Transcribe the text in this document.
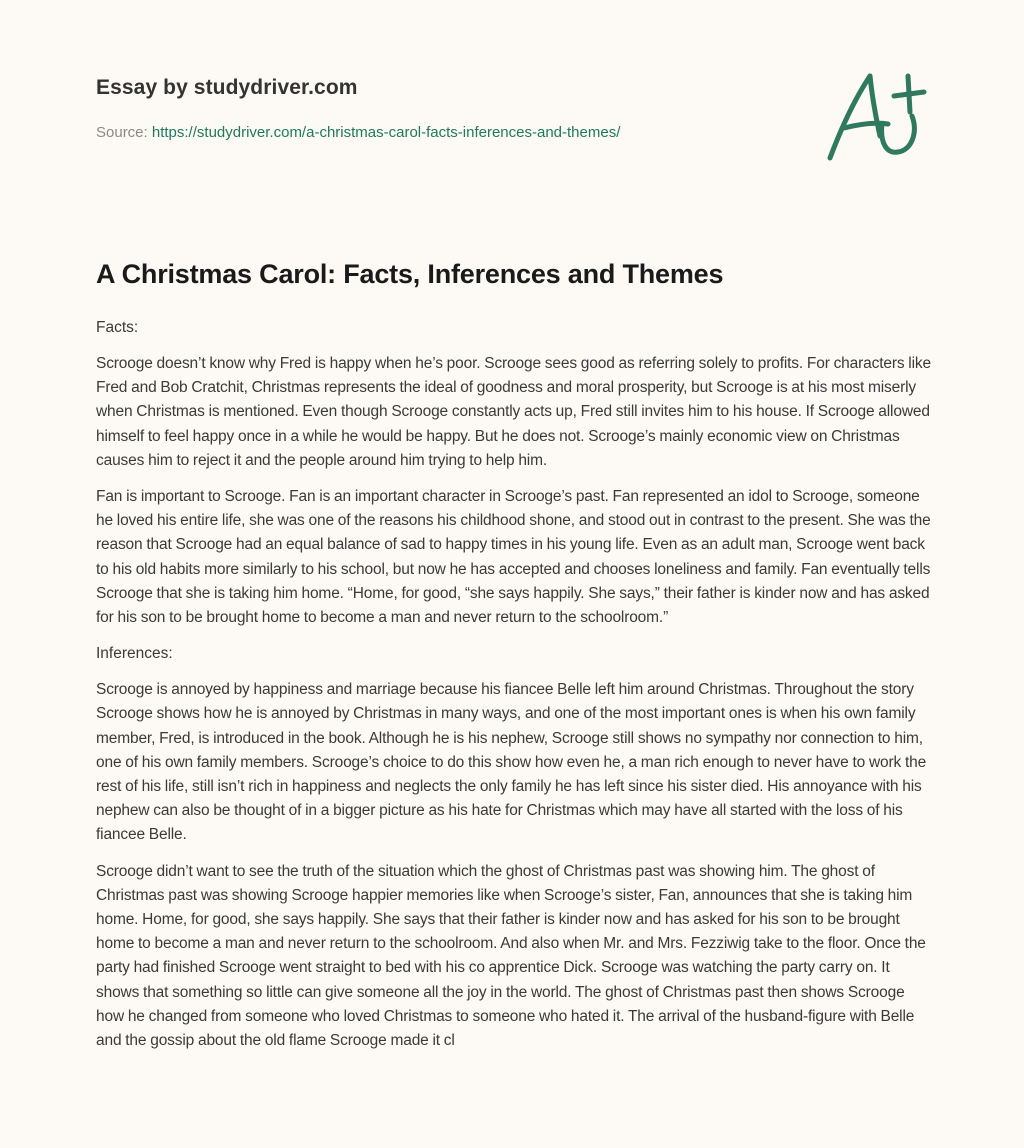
Essay by studydriver.com
Source: https://studydriver.com/a-christmas-carol-facts-inferences-and-themes/
A Christmas Carol: Facts, Inferences and Themes

Facts:

Scrooge doesn’t know why Fred is happy when he’s poor. Scrooge sees good as referring solely to profits. For characters like Fred and Bob Cratchit, Christmas represents the ideal of goodness and moral prosperity, but Scrooge is at his most miserly when Christmas is mentioned. Even though Scrooge constantly acts up, Fred still invites him to his house. If Scrooge allowed himself to feel happy once in a while he would be happy. But he does not. Scrooge’s mainly economic view on Christmas causes him to reject it and the people around him trying to help him.

Fan is important to Scrooge. Fan is an important character in Scrooge’s past. Fan represented an idol to Scrooge, someone he loved his entire life, she was one of the reasons his childhood shone, and stood out in contrast to the present. She was the reason that Scrooge had an equal balance of sad to happy times in his young life. Even as an adult man, Scrooge went back to his old habits more similarly to his school, but now he has accepted and chooses loneliness and family. Fan eventually tells Scrooge that she is taking him home. “Home, for good, “she says happily. She says,” their father is kinder now and has asked for his son to be brought home to become a man and never return to the schoolroom.”

Inferences:

Scrooge is annoyed by happiness and marriage because his fiancee Belle left him around Christmas. Throughout the story Scrooge shows how he is annoyed by Christmas in many ways, and one of the most important ones is when his own family member, Fred, is introduced in the book. Although he is his nephew, Scrooge still shows no sympathy nor connection to him, one of his own family members. Scrooge’s choice to do this show how even he, a man rich enough to never have to work the rest of his life, still isn’t rich in happiness and neglects the only family he has left since his sister died. His annoyance with his nephew can also be thought of in a bigger picture as his hate for Christmas which may have all started with the loss of his fiancee Belle.

Scrooge didn’t want to see the truth of the situation which the ghost of Christmas past was showing him. The ghost of Christmas past was showing Scrooge happier memories like when Scrooge’s sister, Fan, announces that she is taking him home. Home, for good, she says happily. She says that their father is kinder now and has asked for his son to be brought home to become a man and never return to the schoolroom. And also when Mr. and Mrs. Fezziwig take to the floor. Once the party had finished Scrooge went straight to bed with his co apprentice Dick. Scrooge was watching the party carry on. It shows that something so little can give someone all the joy in the world. The ghost of Christmas past then shows Scrooge how he changed from someone who loved Christmas to someone who hated it. The arrival of the husband-figure with Belle and the gossip about the old flame Scrooge made it cl
